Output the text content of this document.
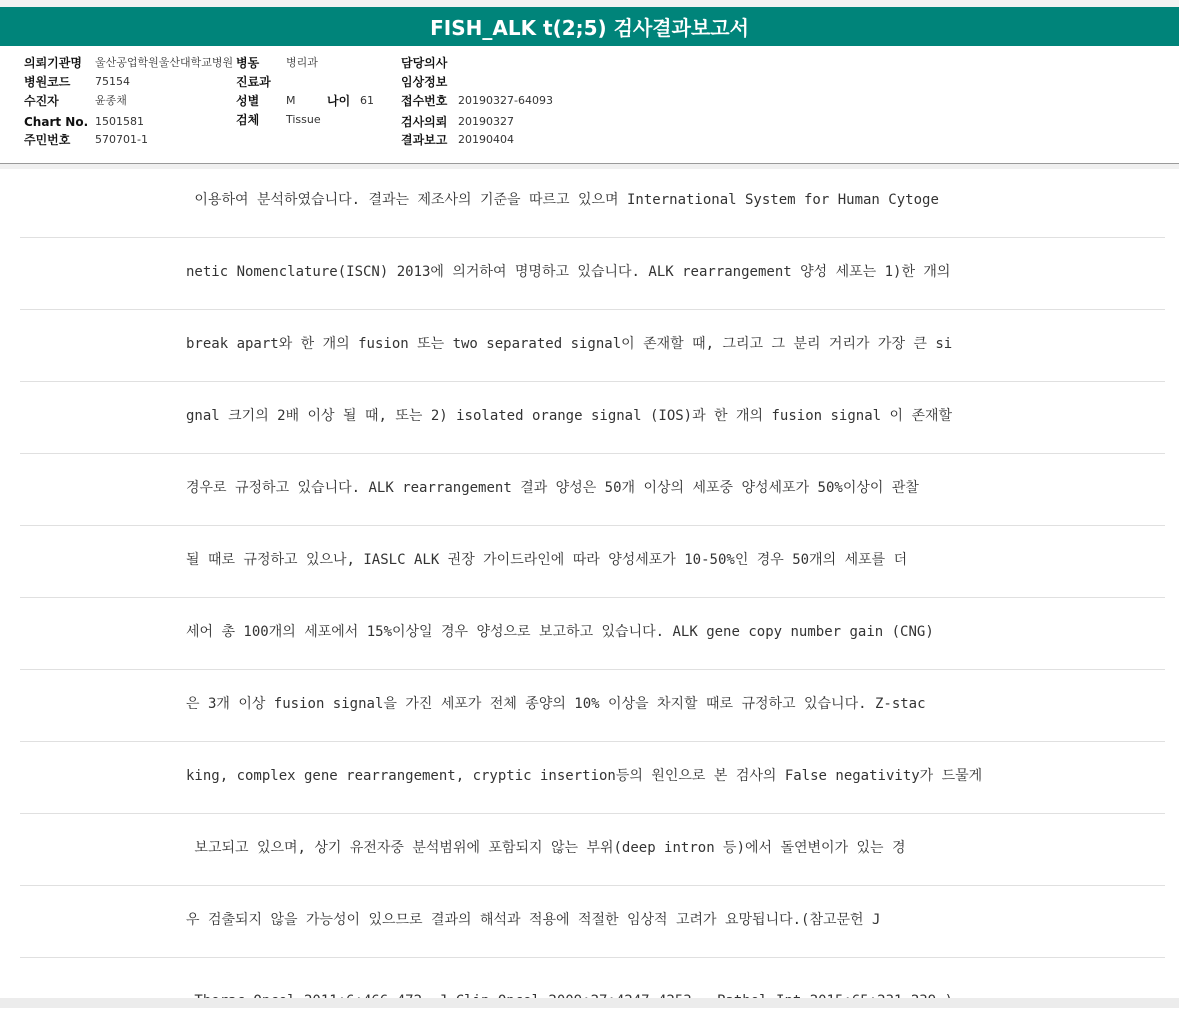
FISH_ALK t(2;5) 검사결과보고서
의뢰기관명 울산공업학원울산대학교병원
병원코드 75154
수진자	윤종채
Chart No. 1501581
주민번호 570701-1
병동 병리과
진료과
성별 M	나이 61
검체 Tissue
담당의사
임상정보
접수번호 20190327-64093
검사의뢰 20190327
결과보고 20190404
이용하여 분석하였습니다. 결과는 제조사의 기준을 따르고 있으며 International System for Human Cytoge
netic Nomenclature(ISCN) 2013에 의거하여 명명하고 있습니다. ALK rearrangement 양성 세포는 1)한 개의
break apart와 한 개의 fusion 또는 two separated signal이 존재할 때, 그리고 그 분리 거리가 가장 큰 si
gnal 크기의 2배 이상 될 때, 또는 2) isolated orange signal (IOS)과 한 개의 fusion signal 이 존재할
경우로 규정하고 있습니다. ALK rearrangement 결과 양성은 50개 이상의 세포중 양성세포가 50%이상이 관찰
될 때로 규정하고 있으나, IASLC ALK 권장 가이드라인에 따라 양성세포가 10-50%인 경우 50개의 세포를 더
세어 총 100개의 세포에서 15%이상일 경우 양성으로 보고하고 있습니다. ALK gene copy number gain (CNG)
은 3개 이상 fusion signal을 가진 세포가 전체 종양의 10% 이상을 차지할 때로 규정하고 있습니다. Z-stac
king, complex gene rearrangement, cryptic insertion등의 원인으로 본 검사의 False negativity가 드물게
보고되고 있으며, 상기 유전자중 분석범위에 포함되지 않는 부위(deep intron 등)에서 돌연변이가 있는 경
우 검출되지 않을 가능성이 있으므로 결과의 해석과 적용에 적절한 임상적 고려가 요망됩니다.(참고문헌 J
